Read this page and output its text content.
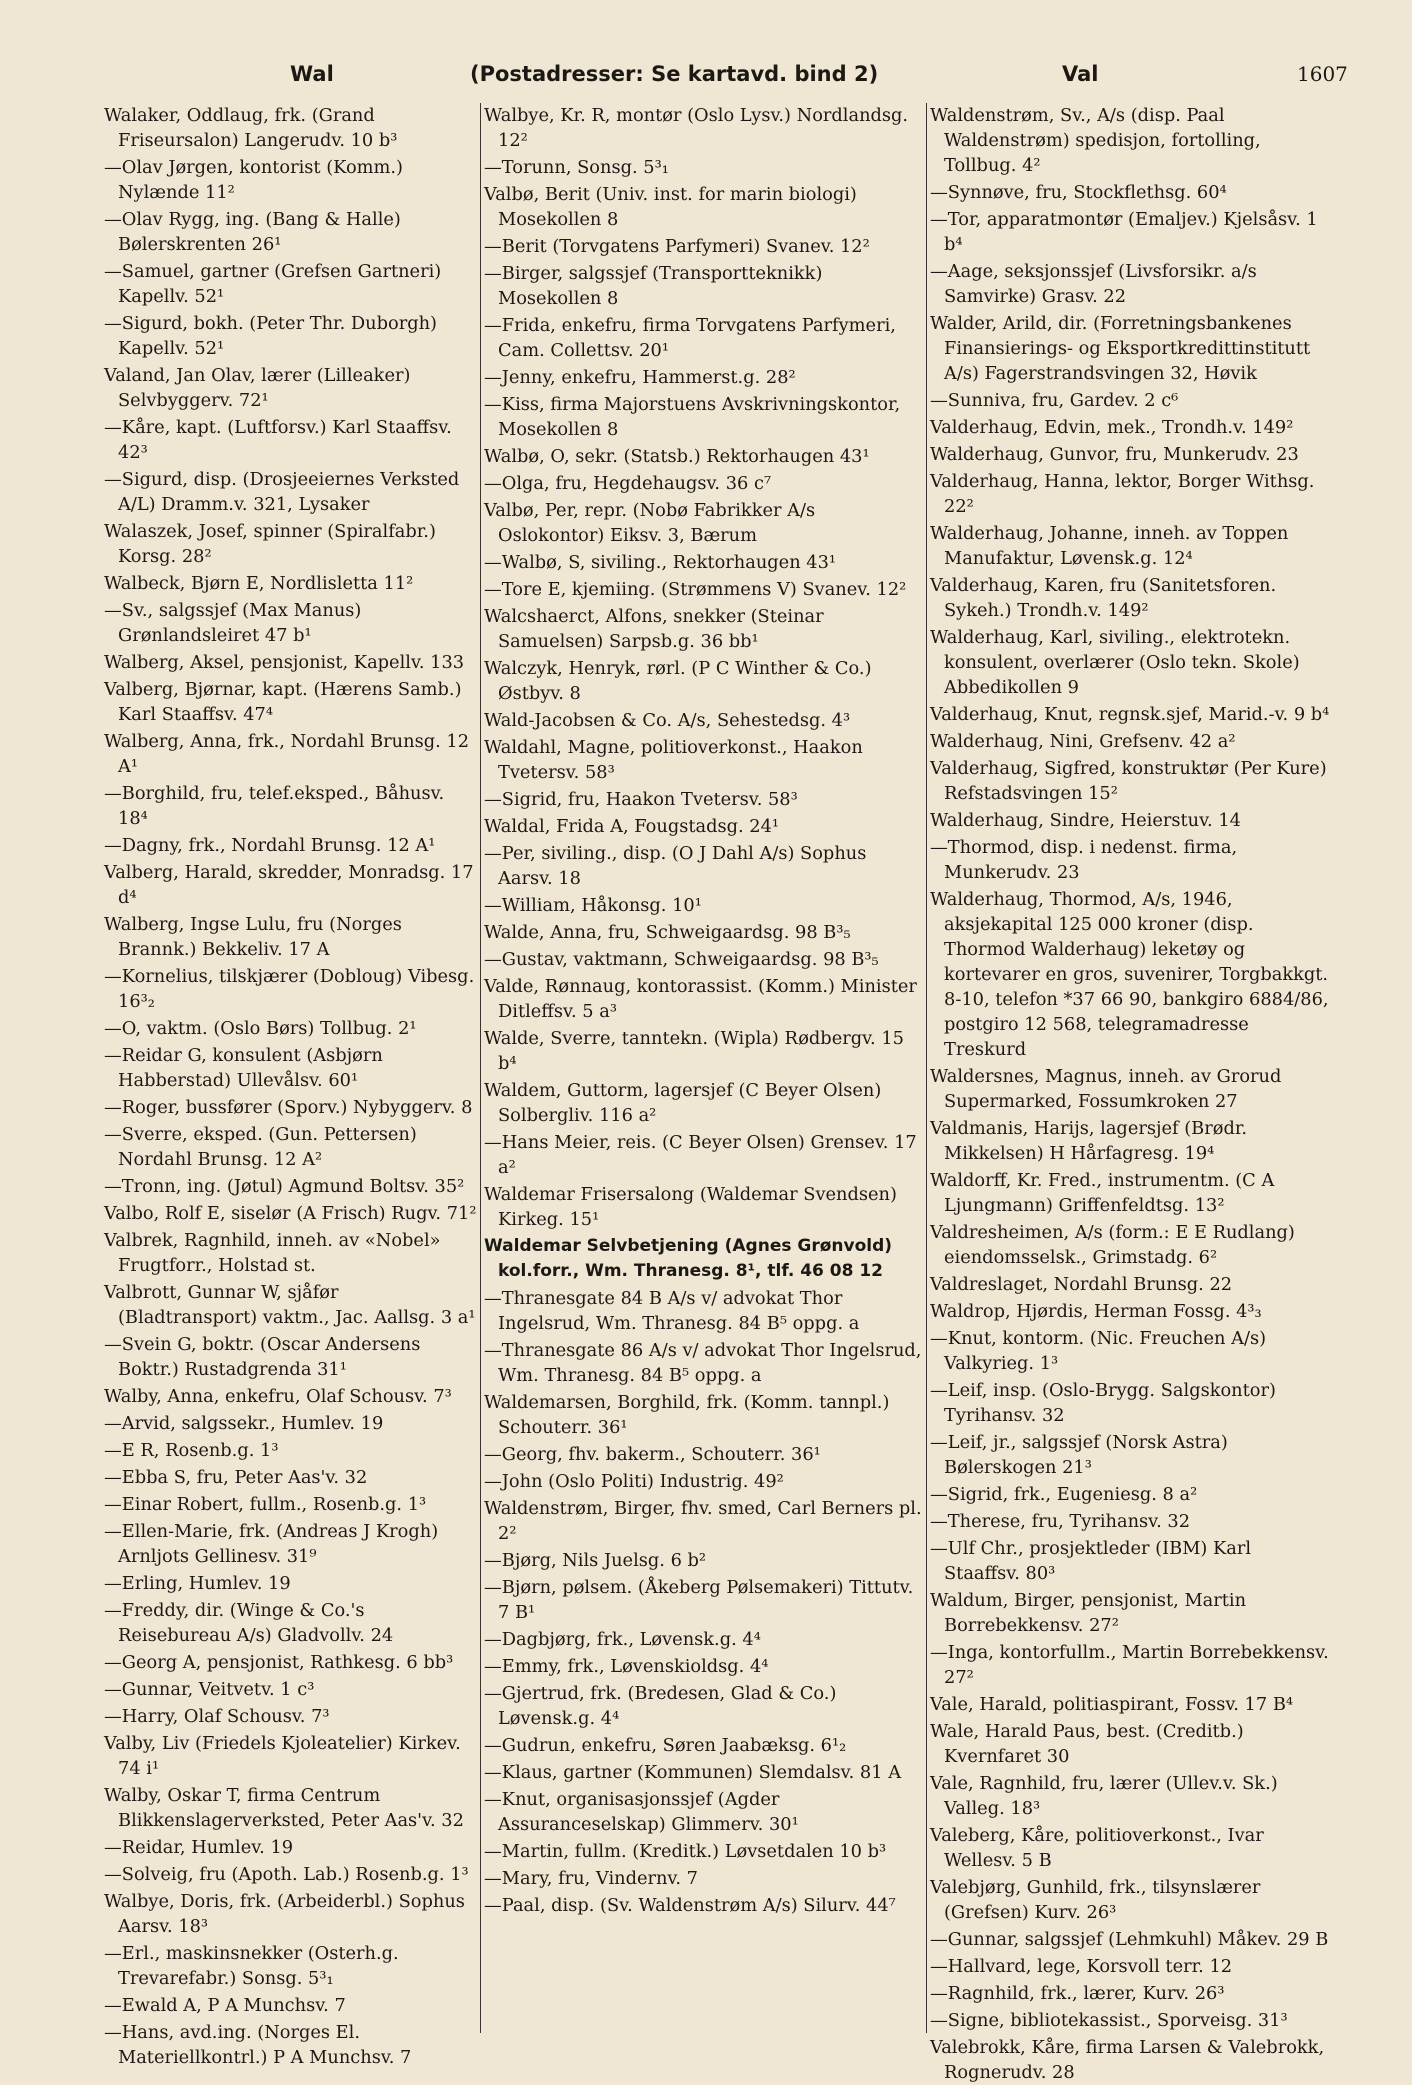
Wal	(Postadresser: Se kartavd. bind 2)	Val	1607
Walaker, Oddlaug, frk. (Grand Friseursalon) Langerudv. 10 b³
—Olav Jørgen, kontorist (Komm.) Nylænde 11²
—Olav Rygg, ing. (Bang & Halle) Bølerskrenten 26¹
—Samuel, gartner (Grefsen Gartneri) Kapellv. 52¹
—Sigurd, bokh. (Peter Thr. Duborgh) Kapellv. 52¹
Valand, Jan Olav, lærer (Lilleaker) Selvbyggerv. 72¹
—Kåre, kapt. (Luftforsv.) Karl Staaffsv. 42³
—Sigurd, disp. (Drosjeeiernes Verksted A/L) Dramm.v. 321, Lysaker
Walaszek, Josef, spinner (Spiralfabr.) Korsg. 28²
Walbeck, Bjørn E, Nordlisletta 11²
—Sv., salgssjef (Max Manus) Grønlandsleiret 47 b¹
Walberg, Aksel, pensjonist, Kapellv. 133
Valberg, Bjørnar, kapt. (Hærens Samb.) Karl Staaffsv. 47⁴
Walberg, Anna, frk., Nordahl Brunsg. 12 A¹
—Borghild, fru, telef.eksped., Båhusv. 18⁴
—Dagny, frk., Nordahl Brunsg. 12 A¹
Valberg, Harald, skredder, Monradsg. 17 d⁴
Walberg, Ingse Lulu, fru (Norges Brannk.) Bekkeliv. 17 A
—Kornelius, tilskjærer (Dobloug) Vibesg. 16³₂
—O, vaktm. (Oslo Børs) Tollbug. 2¹
—Reidar G, konsulent (Asbjørn Habberstad) Ullevålsv. 60¹
—Roger, bussfører (Sporv.) Nybyggerv. 8
—Sverre, eksped. (Gun. Pettersen) Nordahl Brunsg. 12 A²
—Tronn, ing. (Jøtul) Agmund Boltsv. 35²
Valbo, Rolf E, siselør (A Frisch) Rugv. 71²
Valbrek, Ragnhild, inneh. av «Nobel» Frugtforr., Holstad st.
Valbrott, Gunnar W, sjåfør (Bladtransport) vaktm., Jac. Aallsg. 3 a¹
—Svein G, boktr. (Oscar Andersens Boktr.) Rustadgrenda 31¹
Walby, Anna, enkefru, Olaf Schousv. 7³
—Arvid, salgssekr., Humlev. 19
—E R, Rosenb.g. 1³
—Ebba S, fru, Peter Aas'v. 32
—Einar Robert, fullm., Rosenb.g. 1³
—Ellen-Marie, frk. (Andreas J Krogh) Arnljots Gellinesv. 31⁹
—Erling, Humlev. 19
—Freddy, dir. (Winge & Co.'s Reisebureau A/s) Gladvollv. 24
—Georg A, pensjonist, Rathkesg. 6 bb³
—Gunnar, Veitvetv. 1 c³
—Harry, Olaf Schousv. 7³
Valby, Liv (Friedels Kjoleatelier) Kirkev. 74 i¹
Walby, Oskar T, firma Centrum Blikkenslagerverksted, Peter Aas'v. 32
—Reidar, Humlev. 19
—Solveig, fru (Apoth. Lab.) Rosenb.g. 1³
Walbye, Doris, frk. (Arbeiderbl.) Sophus Aarsv. 18³
—Erl., maskinsnekker (Osterh.g. Trevarefabr.) Sonsg. 5³₁
—Ewald A, P A Munchsv. 7
—Hans, avd.ing. (Norges El. Materiellkontrl.) P A Munchsv. 7
Walbye, Kr. R, montør (Oslo Lysv.) Nordlandsg. 12²
—Torunn, Sonsg. 5³₁
Valbø, Berit (Univ. inst. for marin biologi) Mosekollen 8
—Berit (Torvgatens Parfymeri) Svanev. 12²
—Birger, salgssjef (Transportteknikk) Mosekollen 8
—Frida, enkefru, firma Torvgatens Parfymeri, Cam. Collettsv. 20¹
—Jenny, enkefru, Hammerst.g. 28²
—Kiss, firma Majorstuens Avskrivningskontor, Mosekollen 8
Walbø, O, sekr. (Statsb.) Rektorhaugen 43¹
—Olga, fru, Hegdehaugsv. 36 c⁷
Valbø, Per, repr. (Nobø Fabrikker A/s Oslokontor) Eiksv. 3, Bærum
—Walbø, S, siviling., Rektorhaugen 43¹
—Tore E, kjemiing. (Strømmens V) Svanev. 12²
Walcshaerct, Alfons, snekker (Steinar Samuelsen) Sarpsb.g. 36 bb¹
Walczyk, Henryk, rørl. (P C Winther & Co.) Østbyv. 8
Wald-Jacobsen & Co. A/s, Sehestedsg. 4³
Waldahl, Magne, politioverkonst., Haakon Tvetersv. 58³
—Sigrid, fru, Haakon Tvetersv. 58³
Waldal, Frida A, Fougstadsg. 24¹
—Per, siviling., disp. (O J Dahl A/s) Sophus Aarsv. 18
—William, Håkonsg. 10¹
Walde, Anna, fru, Schweigaardsg. 98 B³₅
—Gustav, vaktmann, Schweigaardsg. 98 B³₅
Valde, Rønnaug, kontorassist. (Komm.) Minister Ditleffsv. 5 a³
Walde, Sverre, tanntekn. (Wipla) Rødbergv. 15 b⁴
Waldem, Guttorm, lagersjef (C Beyer Olsen) Solbergliv. 116 a²
—Hans Meier, reis. (C Beyer Olsen) Grensev. 17 a²
Waldemar Frisersalong (Waldemar Svendsen) Kirkeg. 15¹
Waldemar Selvbetjening (Agnes Grønvold) kol.forr., Wm. Thranesg. 8¹, tlf. 46 08 12
—Thranesgate 84 B A/s v/ advokat Thor Ingelsrud, Wm. Thranesg. 84 B⁵ oppg. a
—Thranesgate 86 A/s v/ advokat Thor Ingelsrud, Wm. Thranesg. 84 B⁵ oppg. a
Waldemarsen, Borghild, frk. (Komm. tannpl.) Schouterr. 36¹
—Georg, fhv. bakerm., Schouterr. 36¹
—John (Oslo Politi) Industrig. 49²
Waldenstrøm, Birger, fhv. smed, Carl Berners pl. 2²
—Bjørg, Nils Juelsg. 6 b²
—Bjørn, pølsem. (Åkeberg Pølsemakeri) Tittutv. 7 B¹
—Dagbjørg, frk., Løvensk.g. 4⁴
—Emmy, frk., Løvenskioldsg. 4⁴
—Gjertrud, frk. (Bredesen, Glad & Co.) Løvensk.g. 4⁴
—Gudrun, enkefru, Søren Jaabæksg. 6¹₂
—Klaus, gartner (Kommunen) Slemdalsv. 81 A
—Knut, organisasjonssjef (Agder Assuranceselskap) Glimmerv. 30¹
—Martin, fullm. (Kreditk.) Løvsetdalen 10 b³
—Mary, fru, Vindernv. 7
—Paal, disp. (Sv. Waldenstrøm A/s) Silurv. 44⁷
Waldenstrøm, Sv., A/s (disp. Paal Waldenstrøm) spedisjon, fortolling, Tollbug. 4²
—Synnøve, fru, Stockflethsg. 60⁴
—Tor, apparatmontør (Emaljev.) Kjelsåsv. 1 b⁴
—Aage, seksjonssjef (Livsforsikr. a/s Samvirke) Grasv. 22
Walder, Arild, dir. (Forretningsbankenes Finansierings- og Eksportkredittinstitutt A/s) Fagerstrandsvingen 32, Høvik
—Sunniva, fru, Gardev. 2 c⁶
Valderhaug, Edvin, mek., Trondh.v. 149²
Walderhaug, Gunvor, fru, Munkerudv. 23
Valderhaug, Hanna, lektor, Borger Withsg. 22²
Walderhaug, Johanne, inneh. av Toppen Manufaktur, Løvensk.g. 12⁴
Valderhaug, Karen, fru (Sanitetsforen. Sykeh.) Trondh.v. 149²
Walderhaug, Karl, siviling., elektrotekn. konsulent, overlærer (Oslo tekn. Skole) Abbedikollen 9
Valderhaug, Knut, regnsk.sjef, Marid.-v. 9 b⁴
Walderhaug, Nini, Grefsenv. 42 a²
Valderhaug, Sigfred, konstruktør (Per Kure) Refstadsvingen 15²
Walderhaug, Sindre, Heierstuv. 14
—Thormod, disp. i nedenst. firma, Munkerudv. 23
Walderhaug, Thormod, A/s, 1946, aksjekapital 125 000 kroner (disp. Thormod Walderhaug) leketøy og kortevarer en gros, suvenirer, Torgbakkgt. 8-10, telefon *37 66 90, bankgiro 6884/86, postgiro 12 568, telegramadresse Treskurd
Waldersnes, Magnus, inneh. av Grorud Supermarked, Fossumkroken 27
Valdmanis, Harijs, lagersjef (Brødr. Mikkelsen) H Hårfagresg. 19⁴
Waldorff, Kr. Fred., instrumentm. (C A Ljungmann) Griffenfeldtsg. 13²
Valdresheimen, A/s (form.: E E Rudlang) eiendomsselsk., Grimstadg. 6²
Valdreslaget, Nordahl Brunsg. 22
Waldrop, Hjørdis, Herman Fossg. 4³₃
—Knut, kontorm. (Nic. Freuchen A/s) Valkyrieg. 1³
—Leif, insp. (Oslo-Brygg. Salgskontor) Tyrihansv. 32
—Leif, jr., salgssjef (Norsk Astra) Bølerskogen 21³
—Sigrid, frk., Eugeniesg. 8 a²
—Therese, fru, Tyrihansv. 32
—Ulf Chr., prosjektleder (IBM) Karl Staaffsv. 80³
Waldum, Birger, pensjonist, Martin Borrebekkensv. 27²
—Inga, kontorfullm., Martin Borrebekkensv. 27²
Vale, Harald, politiaspirant, Fossv. 17 B⁴
Wale, Harald Paus, best. (Creditb.) Kvernfaret 30
Vale, Ragnhild, fru, lærer (Ullev.v. Sk.) Valleg. 18³
Valeberg, Kåre, politioverkonst., Ivar Wellesv. 5 B
Valebjørg, Gunhild, frk., tilsynslærer (Grefsen) Kurv. 26³
—Gunnar, salgssjef (Lehmkuhl) Måkev. 29 B
—Hallvard, lege, Korsvoll terr. 12
—Ragnhild, frk., lærer, Kurv. 26³
—Signe, bibliotekassist., Sporveisg. 31³
Valebrokk, Kåre, firma Larsen & Valebrokk, Rognerudv. 28
